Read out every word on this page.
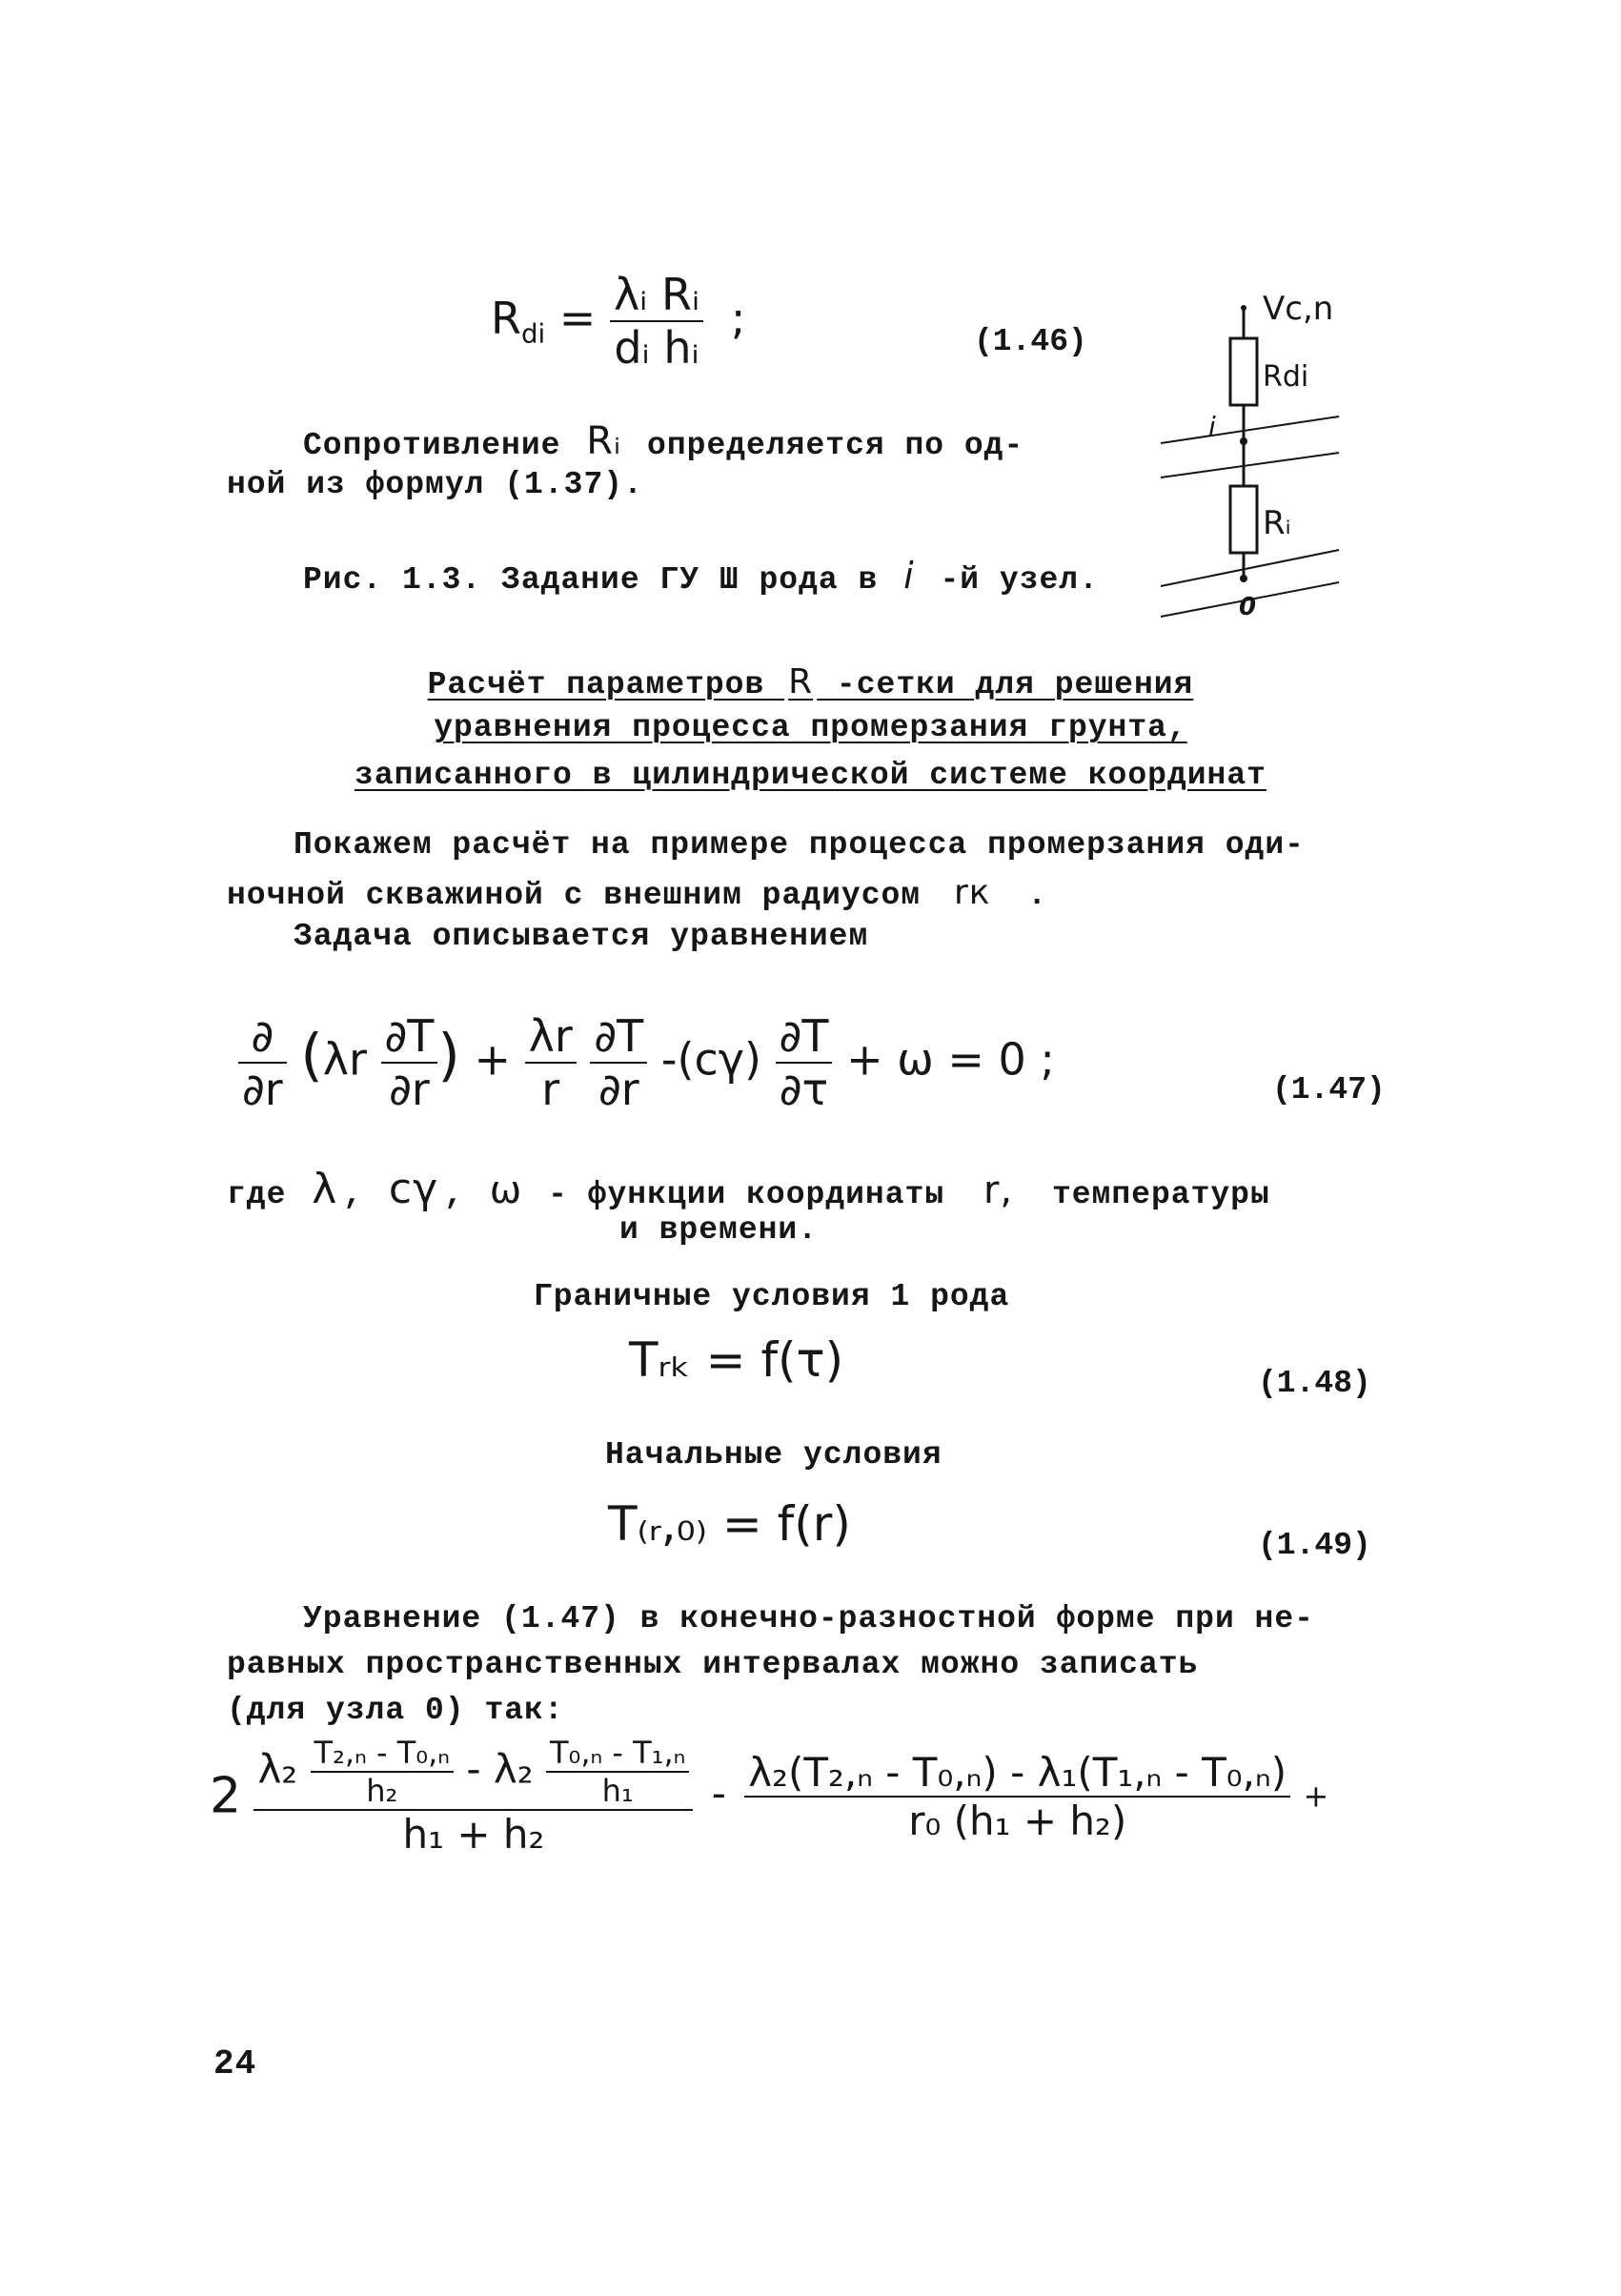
$R_{di} = \frac{\text{λᵢ Rᵢ}}{\text{dᵢ hᵢ}}$ ;	(1.46)
Сопротивление Rᵢ определяется по од-
ной из формул (1.37).
Рис. 1.3. Задание ГУ Ш рода в i -й узел.
Vc,n
Rdi
i
Rᵢ
0
Расчёт параметров R -сетки для решения
уравнения процесса промерзания грунта,
записанного в цилиндрической системе координат
Покажем расчёт на примере процесса промерзания оди-
ночной скважиной с внешним радиусом rк .
Задача описывается уравнением
$\frac{\partial}{\partial r} (\lambda r \frac{\partial T}{\partial r}$ ) + $\frac{\lambda r}{r}$
$\frac{\partial T}{\partial r} -(c\gamma) \frac{\partial T}{\partial\tau} + \omega = 0$ ;
(1.47)
где λ , cγ , ω - функции координаты r, температуры
и времени.
Граничные условия 1 рода
Tᵣₖ = f(τ)	(1.48)
Начальные условия
T₍ᵣ,₀₎ = f(r)	(1.49)
Уравнение (1.47) в конечно-разностной форме при не-
равных пространственных интервалах можно записать
(для узла 0) так:
$2 \frac{\lambda_2 \frac{\text{T₂,ₙ - T₀,ₙ}}{\text{h₂}} - \lambda_2 \frac{\text{T₀,ₙ - T₁,ₙ}}{\text{h₁}}}{\text{h₁ + h₂}} - \frac{\text{λ₂(T₂,ₙ - T₀,ₙ) - λ₁(T₁,ₙ - T₀,ₙ)}}{\text{r₀ (h₁ + h₂)}}$ +
24
